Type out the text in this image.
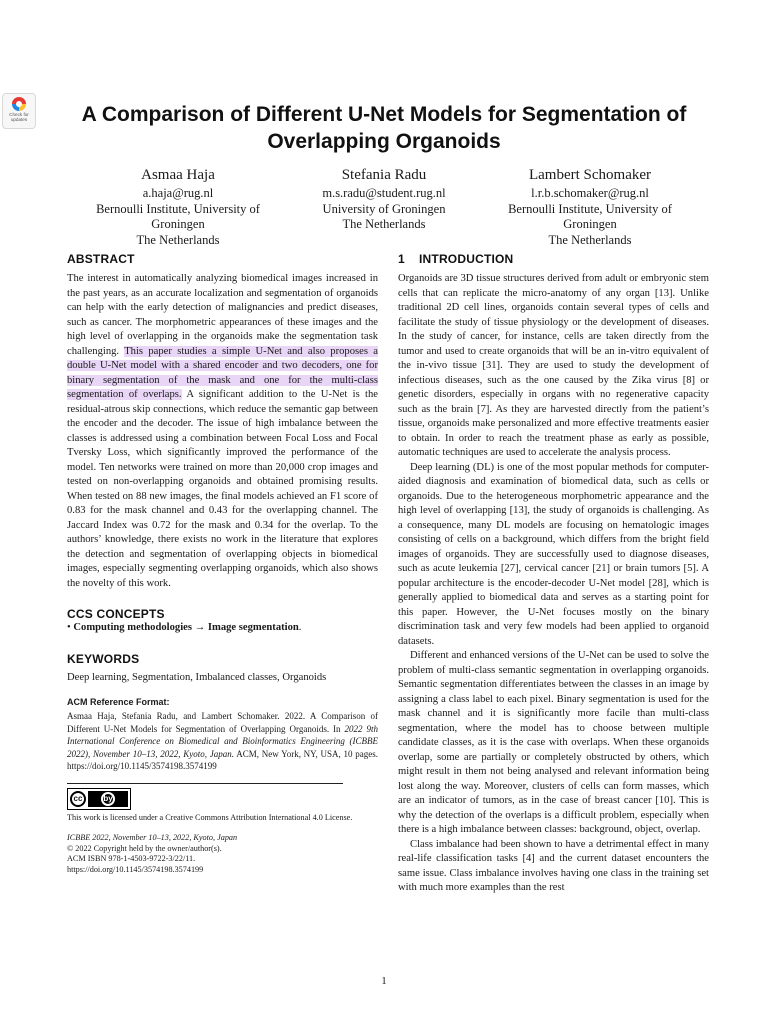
Check for updates	A Comparison of Different U-Net Models for Segmentation of Overlapping Organoids
Asmaa Haja
a.haja@rug.nl
Bernoulli Institute, University of
Groningen
The Netherlands
Stefania Radu
m.s.radu@student.rug.nl
University of Groningen
The Netherlands
Lambert Schomaker
l.r.b.schomaker@rug.nl
Bernoulli Institute, University of
Groningen
The Netherlands
ABSTRACT

The interest in automatically analyzing biomedical images increased in the past years, as an accurate localization and segmentation of organoids can help with the early detection of malignancies and predict diseases, such as cancer. The morphometric appearances of these images and the high level of overlapping in the organoids make the segmentation task challenging. This paper studies a simple U-Net and also proposes a double U-Net model with a shared encoder and two decoders, one for binary segmentation of the mask and one for the multi-class segmentation of overlaps. A significant addition to the U-Net is the residual-atrous skip connections, which reduce the semantic gap between the encoder and the decoder. The issue of high imbalance between the classes is addressed using a combination between Focal Loss and Focal Tversky Loss, which significantly improved the performance of the model. Ten networks were trained on more than 20,000 crop images and tested on non-overlapping organoids and obtained promising results. When tested on 88 new images, the final models achieved an F1 score of 0.83 for the mask channel and 0.43 for the overlapping channel. The Jaccard Index was 0.72 for the mask and 0.34 for the overlap. To the authors’ knowledge, there exists no work in the literature that explores the detection and segmentation of overlapping objects in biomedical images, especially segmenting overlapping organoids, which also shows the novelty of this work.

CCS CONCEPTS

• Computing methodologies → Image segmentation.

KEYWORDS

Deep learning, Segmentation, Imbalanced classes, Organoids

ACM Reference Format:

Asmaa Haja, Stefania Radu, and Lambert Schomaker. 2022. A Comparison of Different U-Net Models for Segmentation of Overlapping Organoids. In 2022 9th International Conference on Biomedical and Bioinformatics Engineering (ICBBE 2022), November 10–13, 2022, Kyoto, Japan. ACM, New York, NY, USA, 10 pages. https://doi.org/10.1145/3574198.3574199

cc	by

This work is licensed under a Creative Commons Attribution International 4.0 License.

ICBBE 2022, November 10–13, 2022, Kyoto, Japan

© 2022 Copyright held by the owner/author(s).

ACM ISBN 978-1-4503-9722-3/22/11.

https://doi.org/10.1145/3574198.3574199

1    INTRODUCTION

Organoids are 3D tissue structures derived from adult or embryonic stem cells that can replicate the micro-anatomy of any organ [13]. Unlike traditional 2D cell lines, organoids contain several types of cells and facilitate the study of tissue physiology or the development of diseases. In the study of cancer, for instance, cells are taken directly from the tumor and used to create organoids that will be an in-vitro equivalent of the in-vivo tissue [31]. They are used to study the development of infectious diseases, such as the one caused by the Zika virus [8] or genetic disorders, especially in organs with no regenerative capacity such as the brain [7]. As they are harvested directly from the patient’s tissue, organoids make personalized and more effective treatments easier to obtain. In order to reach the treatment phase as early as possible, automatic techniques are used to accelerate the analysis process.

Deep learning (DL) is one of the most popular methods for computer-aided diagnosis and examination of biomedical data, such as cells or organoids. Due to the heterogeneous morphometric appearance and the high level of overlapping [13], the study of organoids is challenging. As a consequence, many DL models are focusing on hematologic images consisting of cells on a background, which differs from the bright field images of organoids. They are successfully used to diagnose diseases, such as acute leukemia [27], cervical cancer [21] or brain tumors [5]. A popular architecture is the encoder-decoder U-Net model [28], which is generally applied to biomedical data and serves as a starting point for this paper. However, the U-Net focuses mostly on the binary discrimination task and very few models had been applied to organoid datasets.

Different and enhanced versions of the U-Net can be used to solve the problem of multi-class semantic segmentation in overlapping organoids. Semantic segmentation differentiates between the classes in an image by assigning a class label to each pixel. Binary segmentation is used for the mask channel and it is significantly more facile than multi-class segmentation, where the model has to choose between multiple candidate classes, as it is the case with overlaps. When these organoids overlap, some are partially or completely obstructed by others, which might result in them not being analysed and relevant information being lost along the way. Moreover, clusters of cells can form masses, which are an indicator of tumors, as in the case of breast cancer [10]. This is why the detection of the overlaps is a difficult problem, especially when there is a high imbalance between classes: background, object, overlap.

Class imbalance had been shown to have a detrimental effect in many real-life classification tasks [4] and the current dataset encounters the same issue. Class imbalance involves having one class in the training set with much more examples than the rest

1
